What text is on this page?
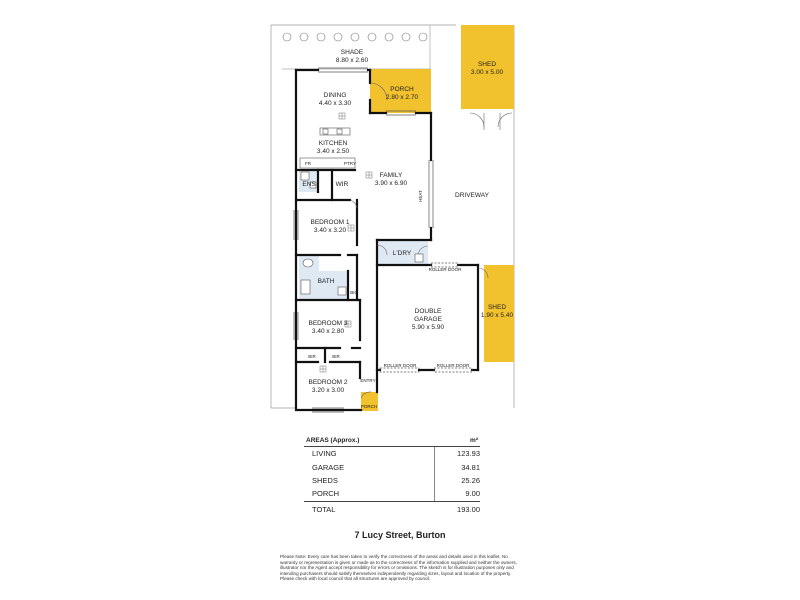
SHADE
8.80 x 2.60
DINING
4.40 x 3.30
PORCH
2.80 x 2.70
SHED
3.00 x 5.00
KITCHEN
3.40 x 2.50
FR	PTRY
FAMILY
3.90 x 6.90
ENS	WIR
HEAT	DRIVEWAY
BEDROOM 1
3.40 x 3.20
L'DRY
ROLLER DOOR
BATH
BIC
DOUBLE
GARAGE
5.90 x 5.90
SHED
1.90 x 5.40
BEDROOM 3
3.40 x 2.80
BIR	BIR
ROLLER DOOR	ROLLER DOOR
BEDROOM 2
3.20 x 3.00
ENTRY
PORCH
AREAS (Approx.)	m²
LIVING	123.93
GARAGE	34.81
SHEDS	25.26
PORCH	9.00
TOTAL	193.00
7 Lucy Street, Burton
Please Note: Every care has been taken to verify the correctness of the areas and details used in this leaflet. No warranty or representation is given or made as to the correctness of the information supplied and neither the owners, illustrator nor the Agent accept responsibility for errors or omissions. The sketch is for illustration purposes only and intending purchasers should satisfy themselves independently regarding sizes, layout and location of the property. Please check with local council that all structures are approved by council.
